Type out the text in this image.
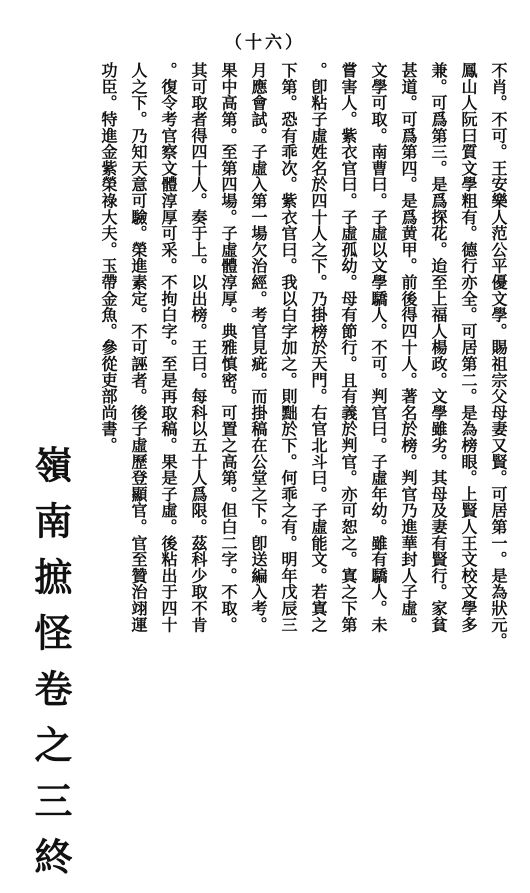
（十六）
不肖。不可。王安樂人范公平優文學。賜祖宗父母妻又賢。可居第一。是為狀元。
鳳山人阮曰質文學粗有。德行亦全。可居第二。是為榜眼。上賢人王文校文學多
兼。可爲第三。是爲探花。迨至上福人楊政。文學雖劣。其母及妻有賢行。家貧
甚道。可爲第四。是爲黄甲。前後得四十人。著名於榜。判官乃進華封人子虛。
文學可取。南曹曰。子虛以文學驕人。不可。判官曰。子虛年幼。雖有驕人。未
嘗害人。紫衣官曰。子虛孤幼。母有節行。且有義於判官。亦可恕之。寘之下第
。卽粘子虛姓名於四十人之下。乃掛榜於天門。右官北斗曰。子虛能文。若寘之
下第。恐有乖次。紫衣官曰。我以白字加之。則黜於下。何乖之有。明年戊辰三
月應會試。子虛入第一場欠治經。考官見疵。而掛稿在公堂之下。卽送編入考。
果中高第。至第四場。子虛體淳厚。典雅慎密。可置之高第。但白二字。不取。
其可取者得四十人。奏于上。以出榜。王曰。每科以五十人爲限。茲科少取不肯
。復令考官察文體淳厚可采。不拘白字。至是再取稿。果是子虛。後粘出于四十
人之下。乃知天意可驗。榮進素定。不可誣者。後子虛歷登顯官。官至贊治翊運
功臣。特進金紫榮祿大夫。玉帶金魚。參從吏部尚書。
嶺南摭怪卷之三終
